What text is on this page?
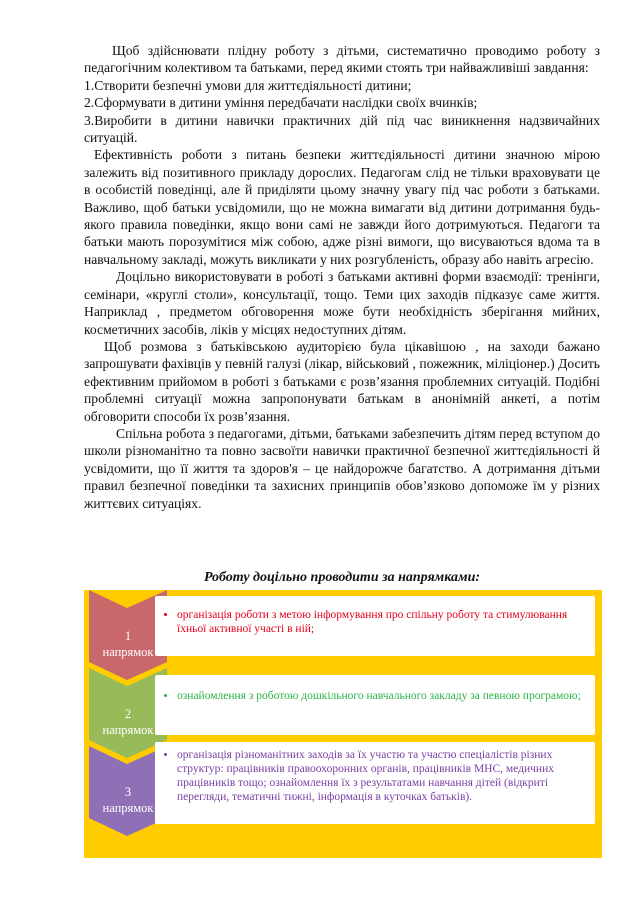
Щоб здійснювати плідну роботу з дітьми, систематично проводимо роботу з педагогічним колективом та батьками, перед якими стоять три найважливіші завдання:

1.Створити безпечні умови для життєдіяльності дитини;

2.Сформувати в дитини уміння передбачати наслідки своїх вчинків;

3.Виробити в дитини навички практичних дій під час виникнення надзвичайних ситуацій.

Ефективність роботи з питань безпеки життєдіяльності дитини значною мірою залежить від позитивного прикладу дорослих. Педагогам слід не тільки враховувати це в особистій поведінці, але й приділяти цьому значну увагу під час роботи з батьками. Важливо, щоб батьки усвідомили, що не можна вимагати від дитини дотримання будь-якого правила поведінки, якщо вони самі не завжди його дотримуються. Педагоги та батьки мають порозумітися між собою, адже різні вимоги, що висуваються вдома та в навчальному закладі, можуть викликати у них розгубленість, образу або навіть агресію.

Доцільно використовувати в роботі з батьками активні форми взаємодії: тренінги, семінари, «круглі столи», консультації, тощо. Теми цих заходів підказує саме життя. Наприклад , предметом обговорення може бути необхідність зберігання мийних, косметичних засобів, ліків у місцях недоступних дітям.

Щоб розмова з батьківською аудиторією була цікавішою , на заходи бажано запрошувати фахівців у певній галузі (лікар, військовий , пожежник, міліціонер.) Досить ефективним прийомом в роботі з батьками є розв’язання проблемних ситуацій. Подібні проблемні ситуації можна запропонувати батькам в анонімній анкеті, а потім обговорити способи їх розв’язання.

Спільна робота з педагогами, дітьми, батьками забезпечить дітям перед вступом до школи різноманітно та повно засвоїти навички практичної безпечної життєдіяльності й усвідомити, що її життя та здоров'я – це найдорожче багатство. А дотримання дітьми правил безпечної поведінки та захисних принципів обов’язково допоможе їм у різних життєвих ситуаціях.

Роботу доцільно проводити за напрямками:
1
напрямок
• організація роботи з метою інформування про спільну роботу та стимулювання їхньої активної участі в ній;
2
напрямок
• ознайомлення з роботою дошкільного навчального закладу за певною програмою;
3
напрямок
• організація різноманітних заходів за їх участю та участю спеціалістів різних структур: працівників правоохоронних органів, працівників МНС, медичних працівників тощо; ознайомлення їх з результатами навчання дітей (відкриті перегляди, тематичні тижні, інформація в куточках батьків).
